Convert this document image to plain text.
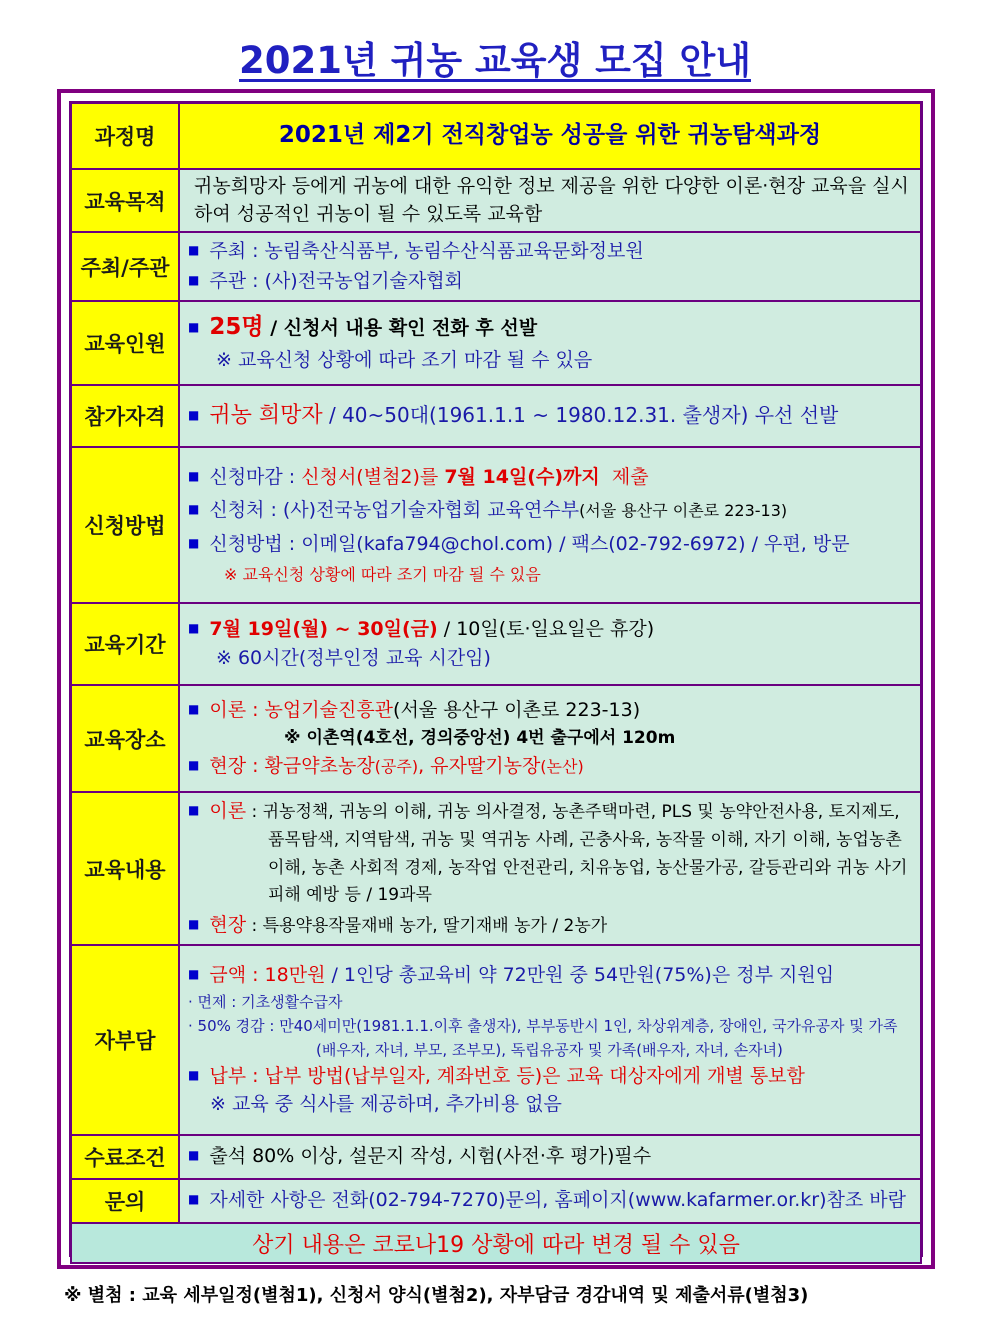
2021년 귀농 교육생 모집 안내
과정명	2021년 제2기 전직창업농 성공을 위한 귀농탐색과정
교육목적	귀농희망자 등에게 귀농에 대한 유익한 정보 제공을 위한 다양한 이론·현장 교육을 실시하여 성공적인 귀농이 될 수 있도록 교육함
주최/주관	■ 주최 : 농림축산식품부, 농림수산식품교육문화정보원
■ 주관 : (사)전국농업기술자협회

교육인원	■ 25명 / 신청서 내용 확인 전화 후 선발
※ 교육신청 상황에 따라 조기 마감 될 수 있음

참가자격	■ 귀농 희망자 / 40~50대(1961.1.1 ~ 1980.12.31. 출생자) 우선 선발
신청방법	■ 신청마감 : 신청서(별첨2)를 7월 14일(수)까지 제출
■ 신청처 : (사)전국농업기술자협회 교육연수부(서울 용산구 이촌로 223-13)
■ 신청방법 : 이메일(kafa794@chol.com) / 팩스(02-792-6972) / 우편, 방문
※ 교육신청 상황에 따라 조기 마감 될 수 있음

교육기간	■ 7월 19일(월) ~ 30일(금) / 10일(토·일요일은 휴강)
※ 60시간(정부인정 교육 시간임)

교육장소	■ 이론 : 농업기술진흥관(서울 용산구 이촌로 223-13)
※ 이촌역(4호선, 경의중앙선) 4번 출구에서 120m
■ 현장 : 황금약초농장(공주), 유자딸기농장(논산)

교육내용	■ 이론 : 귀농정책, 귀농의 이해, 귀농 의사결정, 농촌주택마련, PLS 및 농약안전사용, 토지제도, 품목탐색, 지역탐색, 귀농 및 역귀농 사례, 곤충사육, 농작물 이해, 자기 이해, 농업농촌 이해, 농촌 사회적 경제, 농작업 안전관리, 치유농업, 농산물가공, 갈등관리와 귀농 사기피해 예방 등 / 19과목
■ 현장 : 특용약용작물재배 농가, 딸기재배 농가 / 2농가

자부담	■ 금액 : 18만원 / 1인당 총교육비 약 72만원 중 54만원(75%)은 정부 지원임
· 면제 : 기초생활수급자
· 50% 경감 : 만40세미만(1981.1.1.이후 출생자), 부부동반시 1인, 차상위계층, 장애인, 국가유공자 및 가족(배우자, 자녀, 부모, 조부모), 독립유공자 및 가족(배우자, 자녀, 손자녀)
■ 납부 : 납부 방법(납부일자, 계좌번호 등)은 교육 대상자에게 개별 통보함
※ 교육 중 식사를 제공하며, 추가비용 없음

수료조건	■ 출석 80% 이상, 설문지 작성, 시험(사전·후 평가)필수
문의	■ 자세한 사항은 전화(02-794-7270)문의, 홈페이지(www.kafarmer.or.kr)참조 바람
상기 내용은 코로나19 상황에 따라 변경 될 수 있음	
※ 별첨 : 교육 세부일정(별첨1), 신청서 양식(별첨2), 자부담금 경감내역 및 제출서류(별첨3)
